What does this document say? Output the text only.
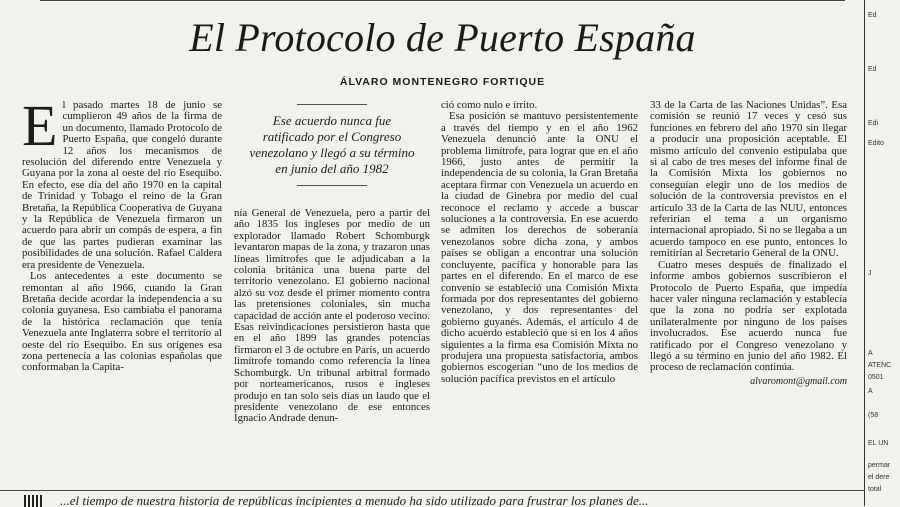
El Protocolo de Puerto España
ÁLVARO MONTENEGRO FORTIQUE

El pasado martes 18 de junio se cumplieron 49 años de la firma de un documento, llamado Protocolo de Puerto España, que congeló durante 12 años los mecanismos de resolución del diferendo entre Venezuela y Guyana por la zona al oeste del río Esequibo. En efecto, ese día del año 1970 en la capital de Trinidad y Tobago el reino de la Gran Bretaña, la República Cooperativa de Guyana y la República de Venezuela firmaron un acuerdo para abrir un compás de espera, a fin de que las partes pudieran examinar las posibilidades de una solución. Rafael Caldera era presidente de Venezuela.

Los antecedentes a este documento se remontan al año 1966, cuando la Gran Bretaña decide acordar la independencia a su colonia guyanesa. Eso cambiaba el panorama de la histórica reclamación que tenía Venezuela ante Inglaterra sobre el territorio al oeste del río Esequibo. En sus orígenes esa zona pertenecía a las colonias españolas que conformaban la Capita-

Ese acuerdo nunca fue ratificado por el Congreso venezolano y llegó a su término en junio del año 1982

nía General de Venezuela, pero a partir del año 1835 los ingleses por medio de un explorador llamado Robert Schomburgk levantaron mapas de la zona, y trazaron unas líneas limítrofes que le adjudicaban a la colonia británica una buena parte del territorio venezolano. El gobierno nacional alzó su voz desde el primer momento contra las pretensiones coloniales, sin mucha capacidad de acción ante el poderoso vecino. Esas reivindicaciones persistieron hasta que en el año 1899 las grandes potencias firmaron el 3 de octubre en París, un acuerdo limítrofe tomando como referencia la línea Schomburgk. Un tribunal arbitral formado por norteamericanos, rusos e ingleses produjo en tan solo seis días un laudo que el presidente venezolano de ese entonces Ignacio Andrade denun-

ció como nulo e írrito.

Esa posición se mantuvo persistentemente a través del tiempo y en el año 1962 Venezuela denunció ante la ONU el problema limítrofe, para lograr que en el año 1966, justo antes de permitir la independencia de su colonia, la Gran Bretaña aceptara firmar con Venezuela un acuerdo en la ciudad de Ginebra por medio del cual reconoce el reclamo y accede a buscar soluciones a la controversia. En ese acuerdo se admiten los derechos de soberanía venezolanos sobre dicha zona, y ambos países se obligan a encontrar una solución concluyente, pacífica y honorable para las partes en el diferendo. En el marco de ese convenio se estableció una Comisión Mixta formada por dos representantes del gobierno venezolano, y dos representantes del gobierno guyanés. Además, el artículo 4 de dicho acuerdo estableció que si en los 4 años siguientes a la firma esa Comisión Mixta no produjera una propuesta satisfactoria, ambos gobiernos escogerían “uno de los medios de solución pacífica previstos en el artículo

33 de la Carta de las Naciones Unidas”. Esa comisión se reunió 17 veces y cesó sus funciones en febrero del año 1970 sin llegar a producir una proposición aceptable. El mismo artículo del convenio estipulaba que si al cabo de tres meses del informe final de la Comisión Mixta los gobiernos no conseguían elegir uno de los medios de solución de la controversia previstos en el artículo 33 de la Carta de las NUU, entonces referirían el tema a un organismo internacional apropiado. Si no se llegaba a un acuerdo tampoco en ese punto, entonces lo remitirían al Secretario General de la ONU.

Cuatro meses después de finalizado el informe ambos gobiernos suscribieron el Protocolo de Puerto España, que impedía hacer valer ninguna reclamación y establecía que la zona no podría ser explotada unilateralmente por ninguno de los países involucrados. Ese acuerdo nunca fue ratificado por el Congreso venezolano y llegó a su término en junio del año 1982. El proceso de reclamación continúa.

alvaromont@gmail.com
Ed
Ed
Edi
Edito
J
A
ATENC
0501
A
(58
EL UN
permar
el dere
total
...el tiempo de nuestra historia de repúblicas incipientes a menudo ha sido utilizado para frustrar los planes de...
